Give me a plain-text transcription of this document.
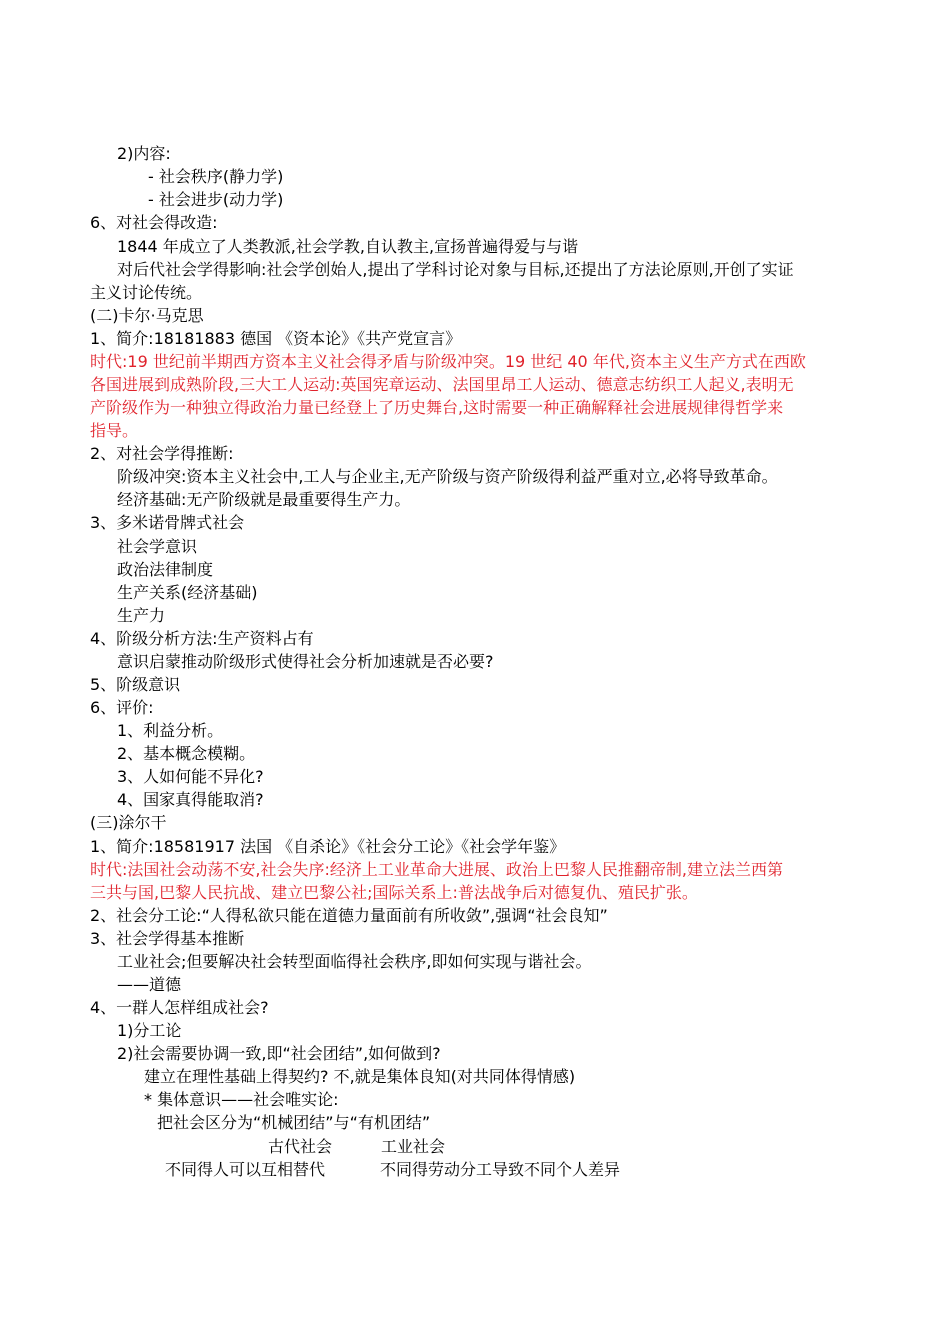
2)内容:
- 社会秩序(静力学)
- 社会进步(动力学)
6、对社会得改造:
1844 年成立了人类教派,社会学教,自认教主,宣扬普遍得爱与与谐
对后代社会学得影响:社会学创始人,提出了学科讨论对象与目标,还提出了方法论原则,开创了实证
主义讨论传统。
(二)卡尔·马克思
1、简介:18181883 德国 《资本论》《共产党宣言》
时代:19 世纪前半期西方资本主义社会得矛盾与阶级冲突。19 世纪 40 年代,资本主义生产方式在西欧
各国进展到成熟阶段,三大工人运动:英国宪章运动、法国里昂工人运动、德意志纺织工人起义,表明无
产阶级作为一种独立得政治力量已经登上了历史舞台,这时需要一种正确解释社会进展规律得哲学来
指导。
2、对社会学得推断:
阶级冲突:资本主义社会中,工人与企业主,无产阶级与资产阶级得利益严重对立,必将导致革命。
经济基础:无产阶级就是最重要得生产力。
3、多米诺骨牌式社会
社会学意识
政治法律制度
生产关系(经济基础)
生产力
4、阶级分析方法:生产资料占有
意识启蒙推动阶级形式使得社会分析加速就是否必要?
5、阶级意识
6、评价:
1、利益分析。
2、基本概念模糊。
3、人如何能不异化?
4、国家真得能取消?
(三)涂尔干
1、简介:18581917 法国 《自杀论》《社会分工论》《社会学年鉴》
时代:法国社会动荡不安,社会失序:经济上工业革命大进展、政治上巴黎人民推翻帝制,建立法兰西第
三共与国,巴黎人民抗战、建立巴黎公社;国际关系上:普法战争后对德复仇、殖民扩张。
2、社会分工论:“人得私欲只能在道德力量面前有所收敛”,强调“社会良知”
3、社会学得基本推断
工业社会;但要解决社会转型面临得社会秩序,即如何实现与谐社会。
——道德
4、一群人怎样组成社会?
1)分工论
2)社会需要协调一致,即“社会团结”,如何做到?
建立在理性基础上得契约? 不,就是集体良知(对共同体得情感)
* 集体意识——社会唯实论:
把社会区分为“机械团结”与“有机团结”
古代社会	工业社会
不同得人可以互相替代	不同得劳动分工导致不同个人差异
